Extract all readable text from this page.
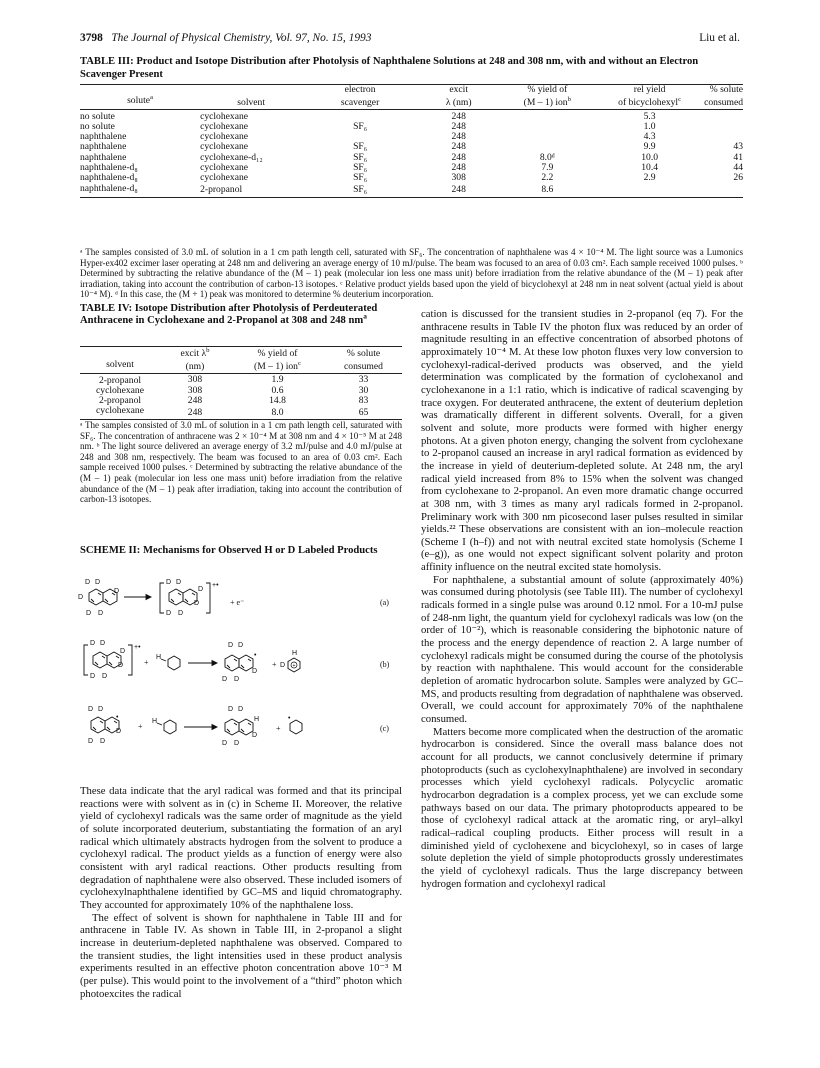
3798 The Journal of Physical Chemistry, Vol. 97, No. 15, 1993	Liu et al.
TABLE III: Product and Isotope Distribution after Photolysis of Naphthalene Solutions at 248 and 308 nm, with and without an Electron Scavenger Present
		electron	excit	% yield of	rel yield	% solute
solute$^a$	solvent	scavenger	λ (nm)	(M – 1) ion$^b$	of bicyclohexyl$^c$	consumed
no solute	cyclohexane		248		5.3	
no solute	cyclohexane	SF₆	248		1.0	
naphthalene	cyclohexane		248		4.3	
naphthalene	cyclohexane	SF₆	248		9.9	43
naphthalene	cyclohexane-d₁₂	SF₆	248	8.0ᵈ	10.0	41
naphthalene-d₈	cyclohexane	SF₆	248	7.9	10.4	44
naphthalene-d₈	cyclohexane	SF₆	308	2.2	2.9	26
naphthalene-d₈	2-propanol	SF₆	248	8.6		
ᵃ The samples consisted of 3.0 mL of solution in a 1 cm path length cell, saturated with SF₆. The concentration of naphthalene was 4 × 10⁻⁴ M. The light source was a Lumonics Hyper-ex402 excimer laser operating at 248 nm and delivering an average energy of 10 mJ/pulse. The beam was focused to an area of 0.03 cm². Each sample received 1000 pulses. ᵇ Determined by subtracting the relative abundance of the (M – 1) peak (molecular ion less one mass unit) before irradiation from the relative abundance of the (M – 1) peak after irradiation, taking into account the contribution of carbon-13 isotopes. ᶜ Relative product yields based upon the yield of bicyclohexyl at 248 nm in neat solvent (actual yield is about 10⁻⁴ M). ᵈ In this case, the (M + 1) peak was monitored to determine % deuterium incorporation.
TABLE IV: Isotope Distribution after Photolysis of Perdeuterated Anthracene in Cyclohexane and 2-Propanol at 308 and 248 $nm^a$
	excit $\lambda^b$	% yield of	% solute
solvent	(nm)	(M – 1) ion$^c$	consumed
2-propanol	308	1.9	33
cyclohexane	308	0.6	30
2-propanol	248	14.8	83
cyclohexane	248	8.0	65
ᵃ The samples consisted of 3.0 mL of solution in a 1 cm path length cell, saturated with SF₆. The concentration of anthracene was 2 × 10⁻⁴ M at 308 nm and 4 × 10⁻⁵ M at 248 nm. ᵇ The light source delivered an average energy of 3.2 mJ/pulse and 4.0 mJ/pulse at 248 and 308 nm, respectively. The beam was focused to an area of 0.03 cm². Each sample received 1000 pulses. ᶜ Determined by subtracting the relative abundance of the (M – 1) peak (molecular ion less one mass unit) before irradiation from the relative abundance of the (M – 1) peak after irradiation, taking into account the contribution of carbon-13 isotopes.
SCHEME II: Mechanisms for Observed H or D Labeled Products
D D
D
D
D D
D D
D
D
D D
+•
+ e⁻	(a)
D D
D
D
D D
+•
+
H
D D
•
D
D D
+
H
D +	(b)
D D
•
D
D D
+
H
D D
H
D
D D
+
•
(c)

These data indicate that the aryl radical was formed and that its principal reactions were with solvent as in (c) in Scheme II. Moreover, the relative yield of cyclohexyl radicals was the same order of magnitude as the yield of solute incorporated deuterium, substantiating the formation of an aryl radical which ultimately abstracts hydrogen from the solvent to produce a cyclohexyl radical. The product yields as a function of energy were also consistent with aryl radical reactions. Other products resulting from degradation of naphthalene were also observed. These included isomers of cyclohexylnaphthalene identified by GC–MS and liquid chromatography. They accounted for approximately 10% of the naphthalene loss.

The effect of solvent is shown for naphthalene in Table III and for anthracene in Table IV. As shown in Table III, in 2-propanol a slight increase in deuterium-depleted naphthalene was observed. Compared to the transient studies, the light intensities used in these product analysis experiments resulted in an effective photon concentration above 10⁻³ M (per pulse). This would point to the involvement of a “third” photon which photoexcites the radical

cation is discussed for the transient studies in 2-propanol (eq 7). For the anthracene results in Table IV the photon flux was reduced by an order of magnitude resulting in an effective concentration of absorbed photons of approximately 10⁻⁴ M. At these low photon fluxes very low conversion to cyclohexyl-radical-derived products was observed, and the yield determination was complicated by the formation of cyclohexanol and cyclohexanone in a 1:1 ratio, which is indicative of radical scavenging by trace oxygen. For deuterated anthracene, the extent of deuterium depletion was dramatically different in different solvents. Overall, for a given solvent and solute, more products were formed with higher energy photons. At a given photon energy, changing the solvent from cyclohexane to 2-propanol caused an increase in aryl radical formation as evidenced by the increase in yield of deuterium-depleted solute. At 248 nm, the aryl radical yield increased from 8% to 15% when the solvent was changed from cyclohexane to 2-propanol. An even more dramatic change occurred at 308 nm, with 3 times as many aryl radicals formed in 2-propanol. Preliminary work with 300 nm picosecond laser pulses resulted in similar yields.²² These observations are consistent with an ion–molecule reaction (Scheme I (h–f)) and not with neutral excited state homolysis (Scheme I (e–g)), as one would not expect significant solvent polarity and proton affinity influence on the neutral excited state homolysis.

For naphthalene, a substantial amount of solute (approximately 40%) was consumed during photolysis (see Table III). The number of cyclohexyl radicals formed in a single pulse was around 0.12 nmol. For a 10-mJ pulse of 248-nm light, the quantum yield for cyclohexyl radicals was low (on the order of 10⁻²), which is reasonable considering the biphotonic nature of the process and the energy dependence of reaction 2. A large number of cyclohexyl radicals might be consumed during the course of the photolysis by reaction with naphthalene. This would account for the considerable depletion of aromatic hydrocarbon solute. Samples were analyzed by GC–MS, and products resulting from degradation of naphthalene was observed. Overall, we could account for approximately 70% of the naphthalene consumed.

Matters become more complicated when the destruction of the aromatic hydrocarbon is considered. Since the overall mass balance does not account for all products, we cannot conclusively determine if primary photoproducts (such as cyclohexylnaphthalene) are involved in secondary processes which yield cyclohexyl radicals. Polycyclic aromatic hydrocarbon degradation is a complex process, yet we can exclude some pathways based on our data. The primary photoproducts appeared to be those of cyclohexyl radical attack at the aromatic ring, or aryl–alkyl radical–radical coupling products. Either process will result in a diminished yield of cyclohexene and bicyclohexyl, so in cases of large solute depletion the yield of simple photoproducts grossly underestimates the yield of cyclohexyl radicals. Thus the large discrepancy between hydrogen formation and cyclohexyl radical
